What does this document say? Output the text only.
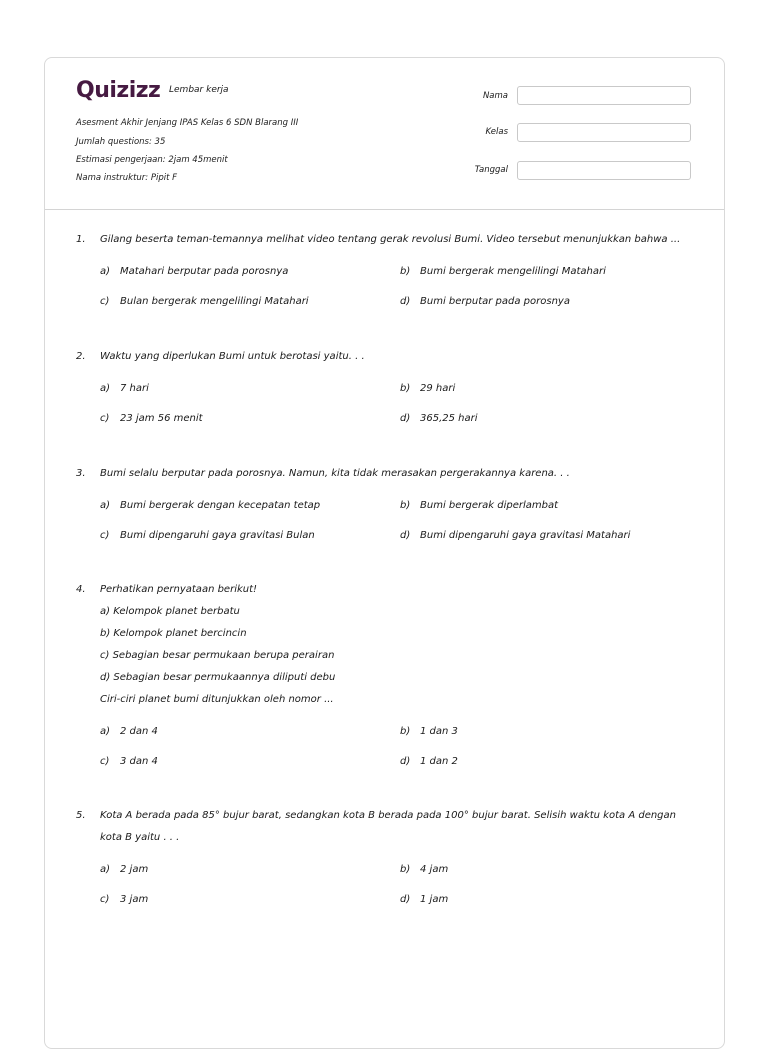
Quizizz Lembar kerja
Asesment Akhir Jenjang IPAS Kelas 6 SDN Blarang III
Jumlah questions: 35
Estimasi pengerjaan: 2jam 45menit
Nama instruktur: Pipit F
Nama
Kelas
Tanggal
1. Gilang beserta teman-temannya melihat video tentang gerak revolusi Bumi. Video tersebut menunjukkan bahwa ...
a) Matahari berputar pada porosnya	b) Bumi bergerak mengelilingi Matahari
c) Bulan bergerak mengelilingi Matahari	d) Bumi berputar pada porosnya
2. Waktu yang diperlukan Bumi untuk berotasi yaitu. . .
a) 7 hari	b) 29 hari
c) 23 jam 56 menit	d) 365,25 hari
3. Bumi selalu berputar pada porosnya. Namun, kita tidak merasakan pergerakannya karena. . .
a) Bumi bergerak dengan kecepatan tetap	b) Bumi bergerak diperlambat
c) Bumi dipengaruhi gaya gravitasi Bulan	d) Bumi dipengaruhi gaya gravitasi Matahari
4. Perhatikan pernyataan berikut!
a) Kelompok planet berbatu
b) Kelompok planet bercincin
c) Sebagian besar permukaan berupa perairan
d) Sebagian besar permukaannya diliputi debu
Ciri-ciri planet bumi ditunjukkan oleh nomor ...
a) 2 dan 4	b) 1 dan 3
c) 3 dan 4	d) 1 dan 2
5. Kota A berada pada 85° bujur barat, sedangkan kota B berada pada 100° bujur barat. Selisih waktu kota A dengan
kota B yaitu . . .
a) 2 jam	b) 4 jam
c) 3 jam	d) 1 jam
